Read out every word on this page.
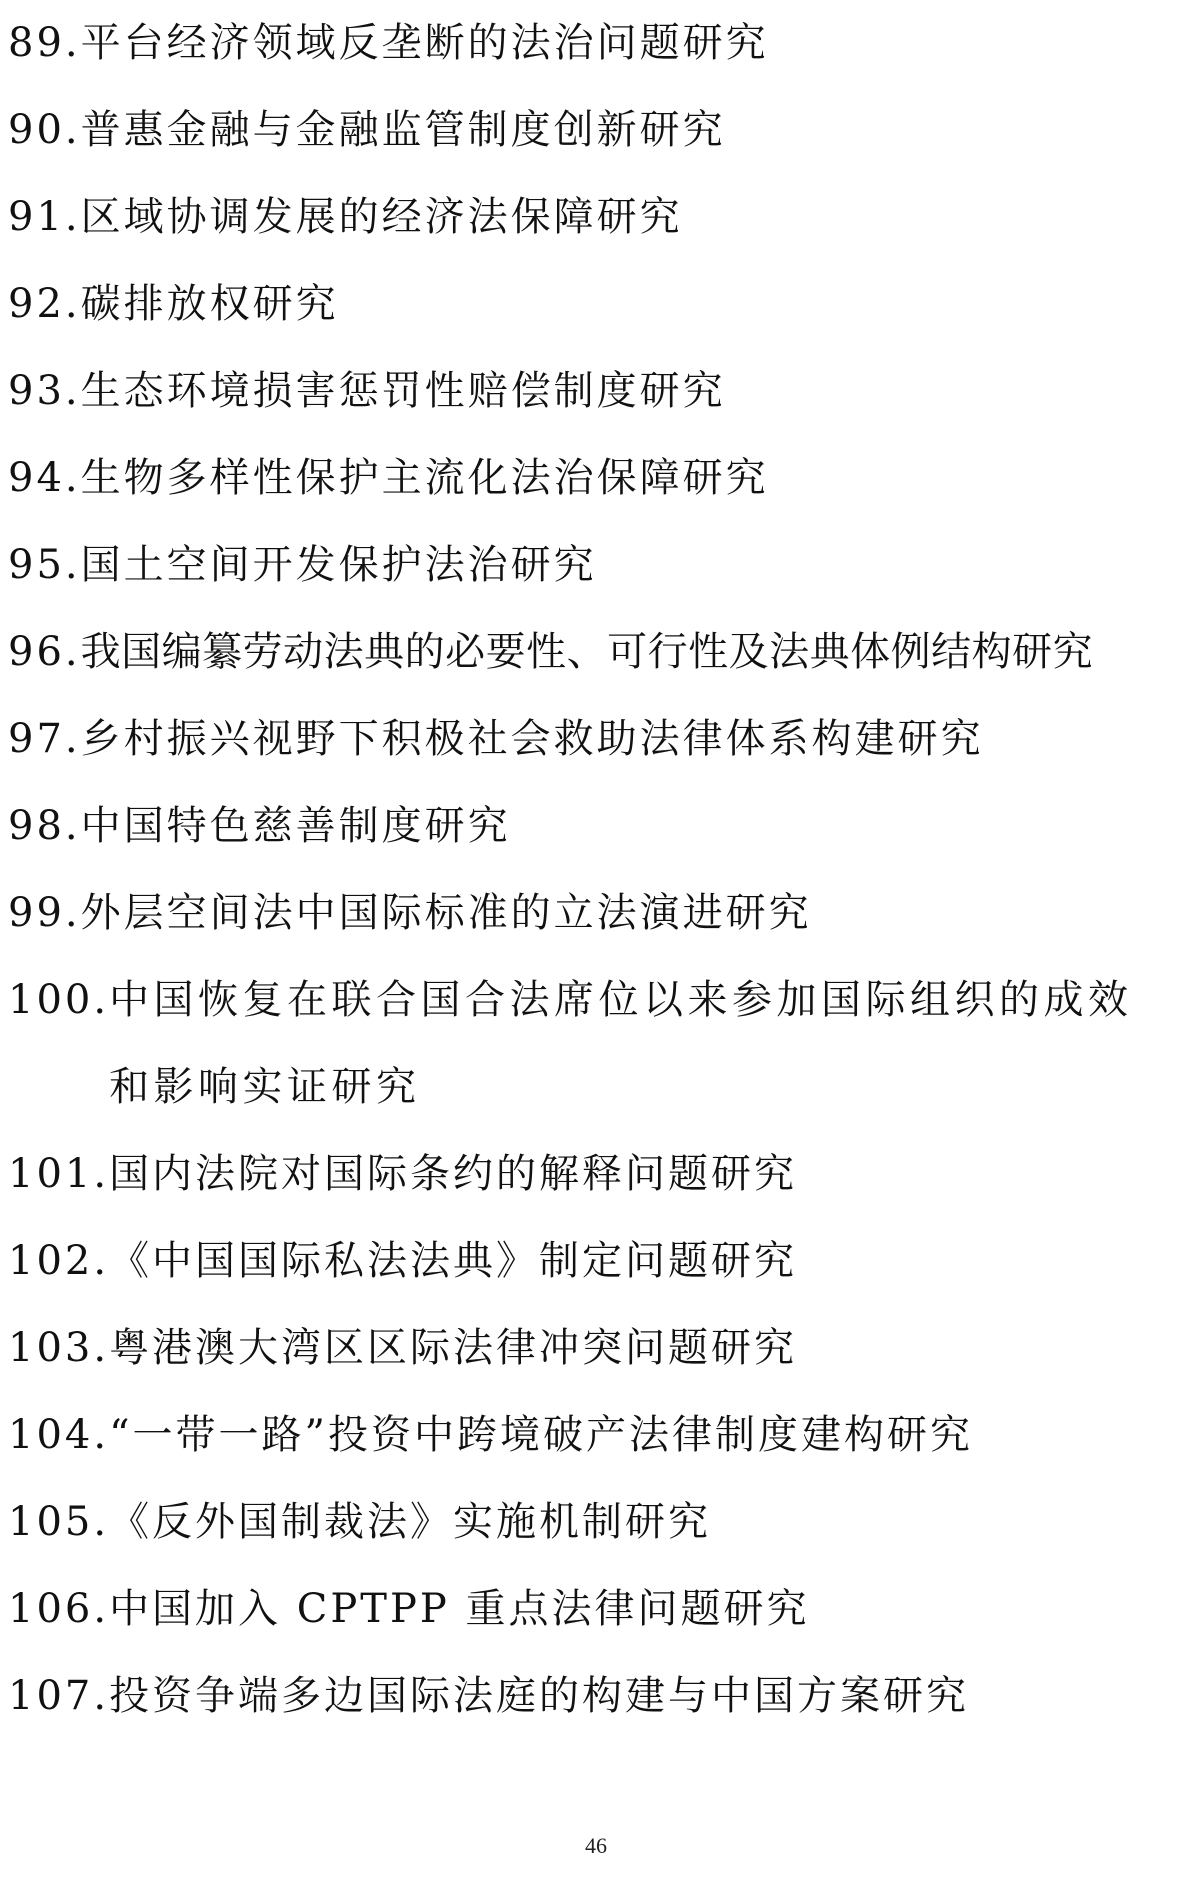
89. 平台经济领域反垄断的法治问题研究
90. 普惠金融与金融监管制度创新研究
91. 区域协调发展的经济法保障研究
92. 碳排放权研究
93. 生态环境损害惩罚性赔偿制度研究
94. 生物多样性保护主流化法治保障研究
95. 国土空间开发保护法治研究
96. 我国编纂劳动法典的必要性、可行性及法典体例结构研究
97. 乡村振兴视野下积极社会救助法律体系构建研究
98. 中国特色慈善制度研究
99. 外层空间法中国际标准的立法演进研究
100. 中国恢复在联合国合法席位以来参加国际组织的成效和影响实证研究
101. 国内法院对国际条约的解释问题研究
102. 《中国国际私法法典》制定问题研究
103. 粤港澳大湾区区际法律冲突问题研究
104. “一带一路”投资中跨境破产法律制度建构研究
105. 《反外国制裁法》实施机制研究
106. 中国加入 CPTPP 重点法律问题研究
107. 投资争端多边国际法庭的构建与中国方案研究
46
